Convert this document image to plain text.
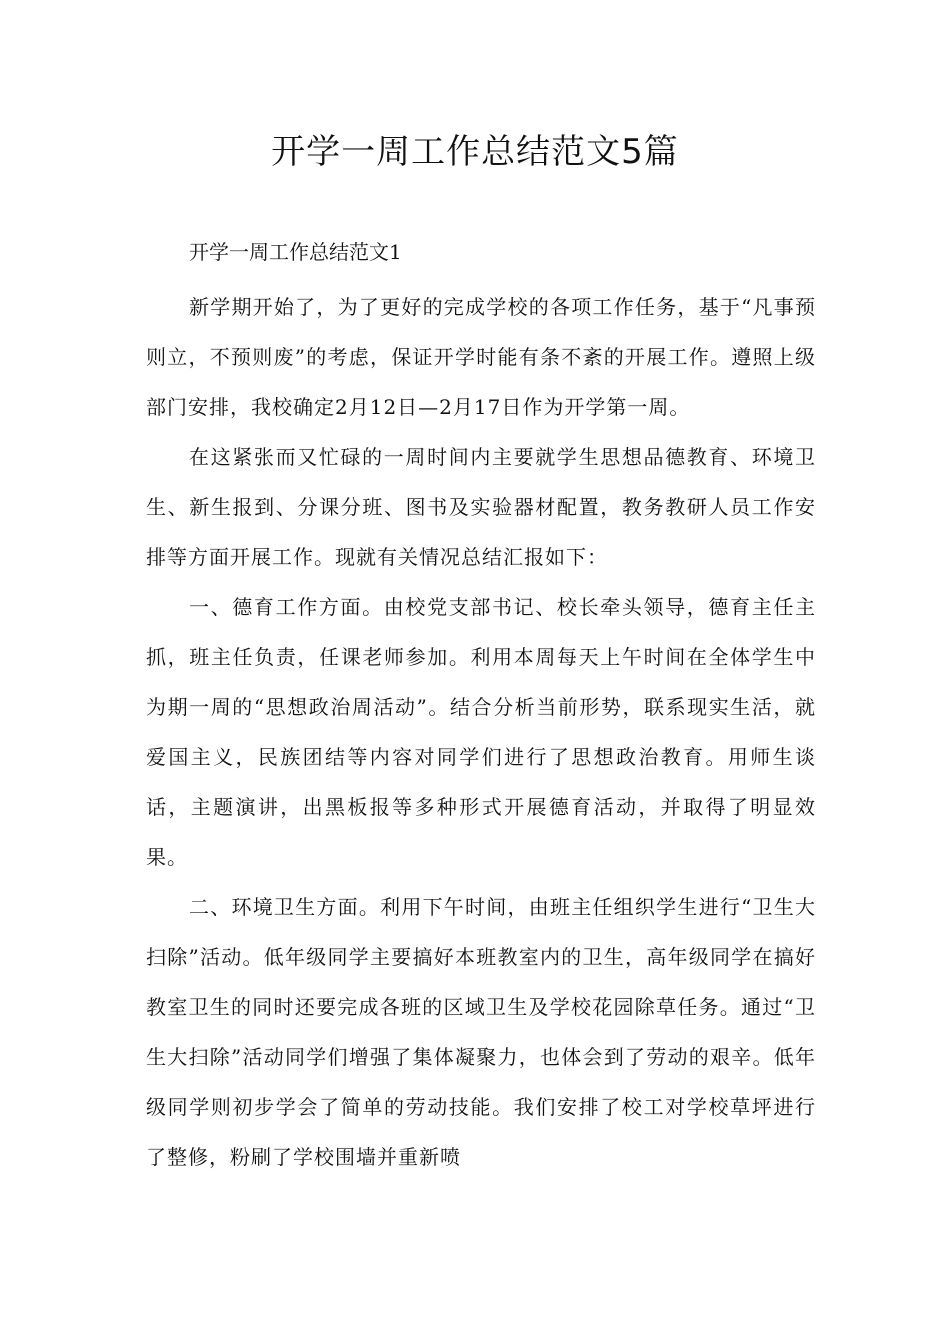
开学一周工作总结范文5篇
开学一周工作总结范文1

新学期开始了，为了更好的完成学校的各项工作任务，基于“凡事预则立，不预则废”的考虑，保证开学时能有条不紊的开展工作。遵照上级部门安排，我校确定2月12日—2月17日作为开学第一周。

在这紧张而又忙碌的一周时间内主要就学生思想品德教育、环境卫生、新生报到、分课分班、图书及实验器材配置，教务教研人员工作安排等方面开展工作。现就有关情况总结汇报如下：

一、德育工作方面。由校党支部书记、校长牵头领导，德育主任主抓，班主任负责，任课老师参加。利用本周每天上午时间在全体学生中为期一周的“思想政治周活动”。结合分析当前形势，联系现实生活，就爱国主义，民族团结等内容对同学们进行了思想政治教育。用师生谈话，主题演讲，出黑板报等多种形式开展德育活动，并取得了明显效果。

二、环境卫生方面。利用下午时间，由班主任组织学生进行“卫生大扫除”活动。低年级同学主要搞好本班教室内的卫生，高年级同学在搞好教室卫生的同时还要完成各班的区域卫生及学校花园除草任务。通过“卫生大扫除”活动同学们增强了集体凝聚力，也体会到了劳动的艰辛。低年级同学则初步学会了简单的劳动技能。我们安排了校工对学校草坪进行了整修，粉刷了学校围墙并重新喷
